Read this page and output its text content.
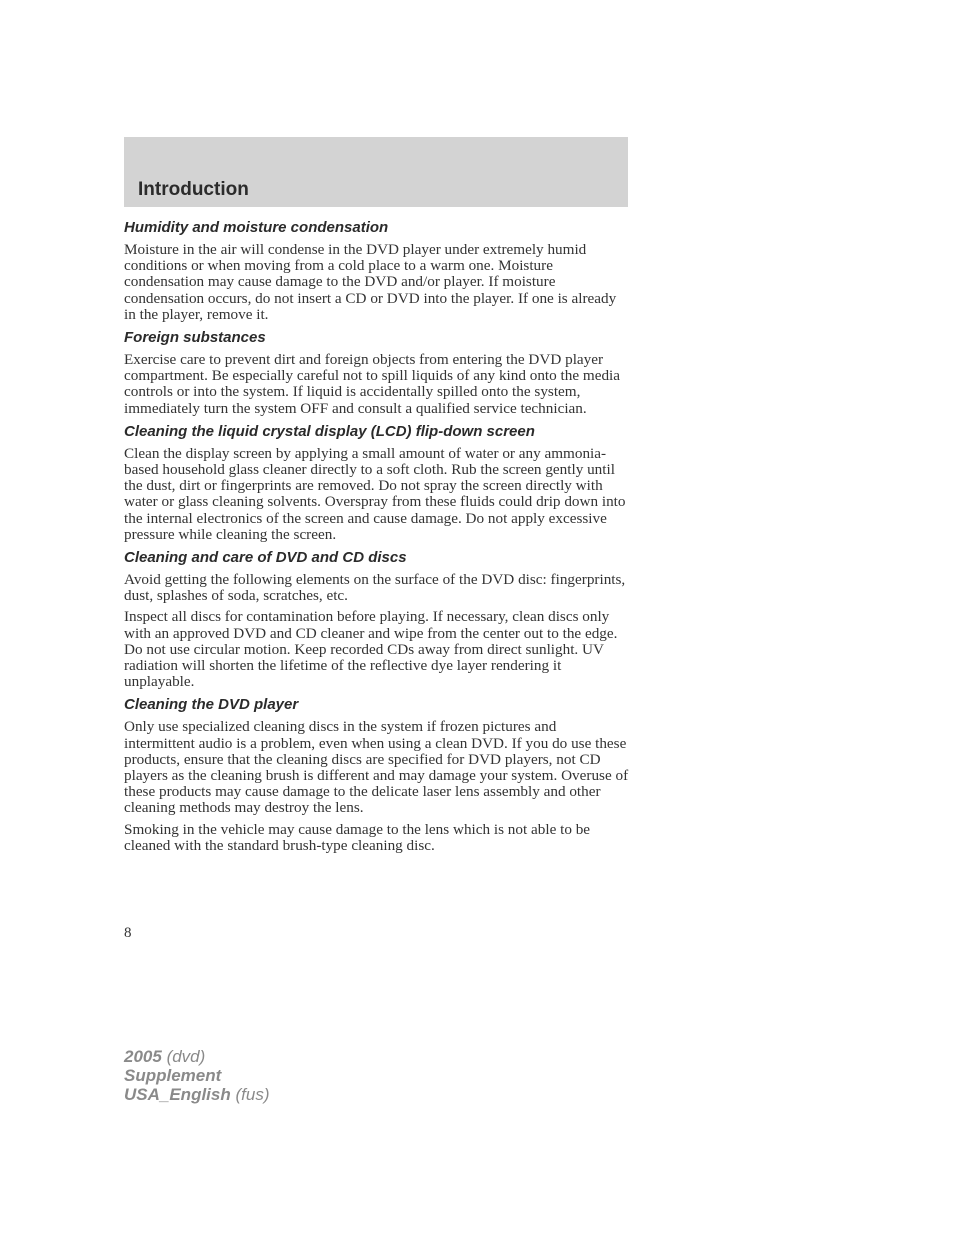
Introduction
Humidity and moisture condensation

Moisture in the air will condense in the DVD player under extremely humid conditions or when moving from a cold place to a warm one. Moisture condensation may cause damage to the DVD and/or player. If moisture condensation occurs, do not insert a CD or DVD into the player. If one is already in the player, remove it.

Foreign substances

Exercise care to prevent dirt and foreign objects from entering the DVD player compartment. Be especially careful not to spill liquids of any kind onto the media controls or into the system. If liquid is accidentally spilled onto the system, immediately turn the system OFF and consult a qualified service technician.

Cleaning the liquid crystal display (LCD) flip-down screen

Clean the display screen by applying a small amount of water or any ammonia-based household glass cleaner directly to a soft cloth. Rub the screen gently until the dust, dirt or fingerprints are removed. Do not spray the screen directly with water or glass cleaning solvents. Overspray from these fluids could drip down into the internal electronics of the screen and cause damage. Do not apply excessive pressure while cleaning the screen.

Cleaning and care of DVD and CD discs

Avoid getting the following elements on the surface of the DVD disc: fingerprints, dust, splashes of soda, scratches, etc.

Inspect all discs for contamination before playing. If necessary, clean discs only with an approved DVD and CD cleaner and wipe from the center out to the edge. Do not use circular motion. Keep recorded CDs away from direct sunlight. UV radiation will shorten the lifetime of the reflective dye layer rendering it unplayable.

Cleaning the DVD player

Only use specialized cleaning discs in the system if frozen pictures and intermittent audio is a problem, even when using a clean DVD. If you do use these products, ensure that the cleaning discs are specified for DVD players, not CD players as the cleaning brush is different and may damage your system. Overuse of these products may cause damage to the delicate laser lens assembly and other cleaning methods may destroy the lens.

Smoking in the vehicle may cause damage to the lens which is not able to be cleaned with the standard brush-type cleaning disc.

8
2005 (dvd)
Supplement
USA_English (fus)
